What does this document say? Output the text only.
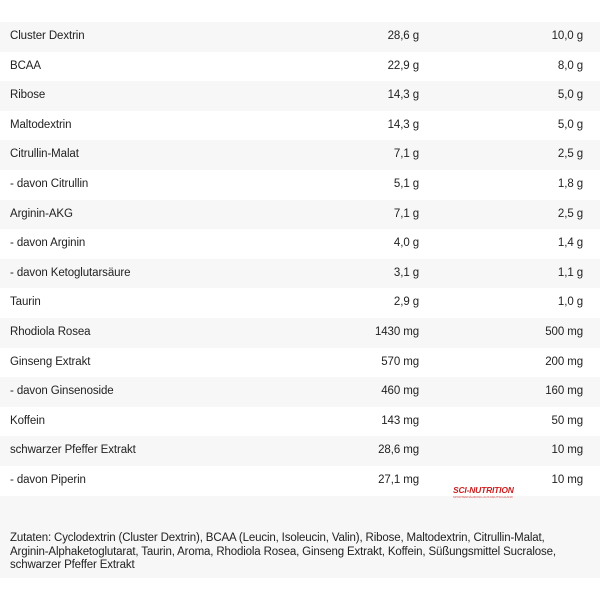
Cluster Dextrin	28,6 g	10,0 g
BCAA	22,9 g	8,0 g
Ribose	14,3 g	5,0 g
Maltodextrin	14,3 g	5,0 g
Citrullin-Malat	7,1 g	2,5 g
- davon Citrullin	5,1 g	1,8 g
Arginin-AKG	7,1 g	2,5 g
- davon Arginin	4,0 g	1,4 g
- davon Ketoglutarsäure	3,1 g	1,1 g
Taurin	2,9 g	1,0 g
Rhodiola Rosea	1430 mg	500 mg
Ginseng Extrakt	570 mg	200 mg
- davon Ginsenoside	460 mg	160 mg
Koffein	143 mg	50 mg
schwarzer Pfeffer Extrakt	28,6 mg	10 mg
- davon Piperin	27,1 mg	10 mg
SCI-NUTRITION
SPORTERNÄHRUNG AUS DEUTSCHLAND
Zutaten: Cyclodextrin (Cluster Dextrin), BCAA (Leucin, Isoleucin, Valin), Ribose, Maltodextrin, Citrullin-Malat, Arginin-Alphaketoglutarat, Taurin, Aroma, Rhodiola Rosea, Ginseng Extrakt, Koffein, Süßungsmittel Sucralose, schwarzer Pfeffer Extrakt
